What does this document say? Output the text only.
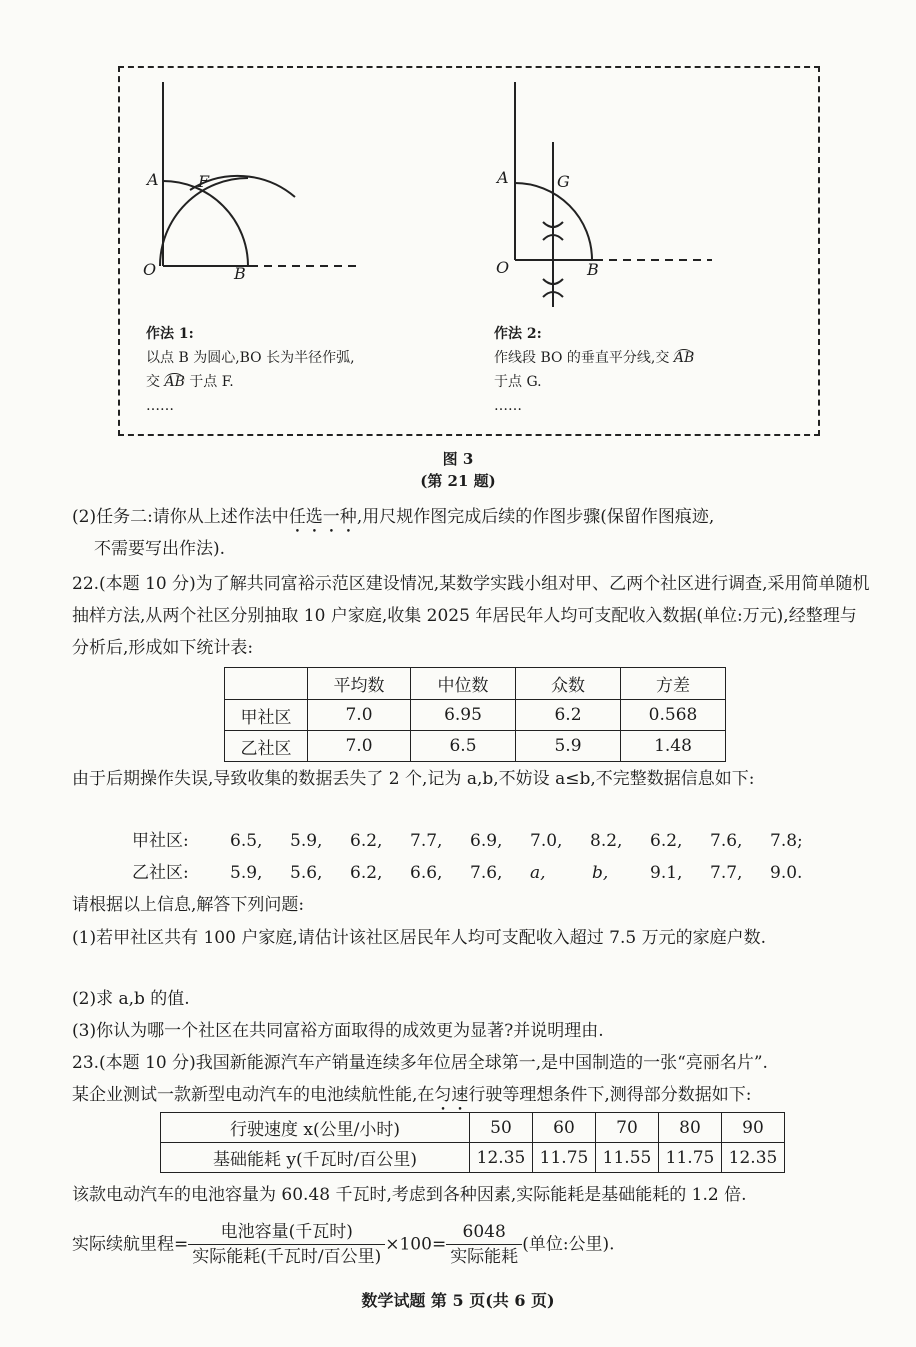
A F
O	B
A	G
O	B
作法 1:
以点 B 为圆心,BO 长为半径作弧,
交 AB 于点 F.
……
作法 2:
作线段 BO 的垂直平分线,交 AB
于点 G.
……
图 3
(第 21 题)
(2)任务二:请你从上述作法中任选一种,用尺规作图完成后续的作图步骤(保留作图痕迹,
不需要写出作法).
22.(本题 10 分)为了解共同富裕示范区建设情况,某数学实践小组对甲、乙两个社区进行调查,采用简单随机抽样方法,从两个社区分别抽取 10 户家庭,收集 2025 年居民年人均可支配收入数据(单位:万元),经整理与分析后,形成如下统计表:
	平均数	中位数	众数	方差
甲社区	7.0	6.95	6.2	0.568
乙社区	7.0	6.5	5.9	1.48
由于后期操作失误,导致收集的数据丢失了 2 个,记为 a,b,不妨设 a≤b,不完整数据信息如下:
甲社区: 6.5, 5.9, 6.2, 7.7, 6.9, 7.0, 8.2, 6.2, 7.6, 7.8;
乙社区: 5.9, 5.6, 6.2, 6.6, 7.6, a,	b, 9.1, 7.7, 9.0.
请根据以上信息,解答下列问题:
(1)若甲社区共有 100 户家庭,请估计该社区居民年人均可支配收入超过 7.5 万元的家庭户数.
(2)求 a,b 的值.
(3)你认为哪一个社区在共同富裕方面取得的成效更为显著?并说明理由.
23.(本题 10 分)我国新能源汽车产销量连续多年位居全球第一,是中国制造的一张“亮丽名片”.
某企业测试一款新型电动汽车的电池续航性能,在匀速行驶等理想条件下,测得部分数据如下:
行驶速度 x(公里/小时)	50	60	70	80	90
基础能耗 y(千瓦时/百公里)	12.35	11.75	11.55	11.75	12.35
该款电动汽车的电池容量为 60.48 千瓦时,考虑到各种因素,实际能耗是基础能耗的 1.2 倍.
实际续航里程= $\frac{\text{电池容量(千瓦时)}}{\text{实际能耗(千瓦时/百公里)}} \times 100= \frac{6048}{\text{实际能耗}}$ (单位:公里).
数学试题 第 5 页(共 6 页)
